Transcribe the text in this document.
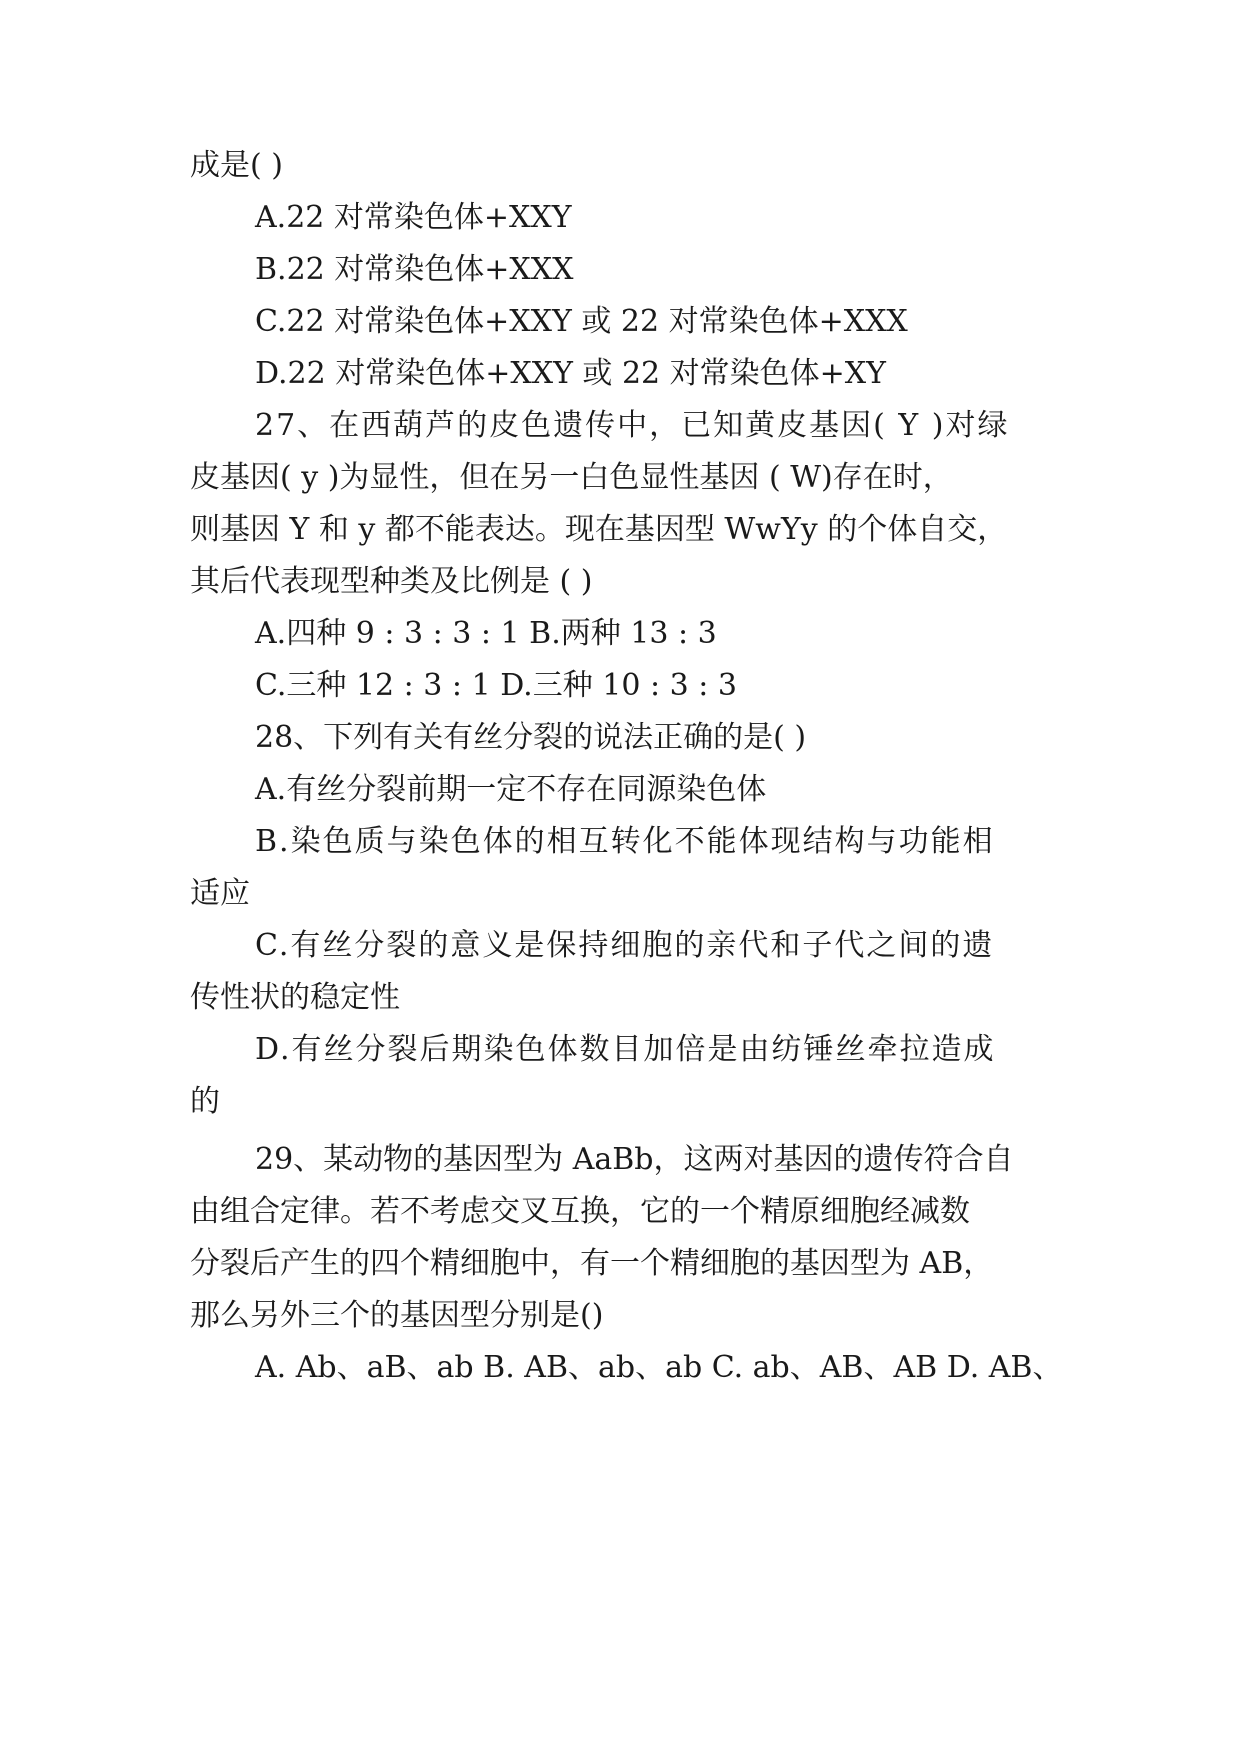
成是( )
A.22 对常染色体+XXY
B.22 对常染色体+XXX
C.22 对常染色体+XXY 或 22 对常染色体+XXX
D.22 对常染色体+XXY 或 22 对常染色体+XY
27、在西葫芦的皮色遗传中，已知黄皮基因( Y )对绿
皮基因( y )为显性，但在另一白色显性基因 ( W)存在时，
则基因 Y 和 y 都不能表达。现在基因型 WwYy 的个体自交，
其后代表现型种类及比例是 ( )
A.四种 9 : 3 : 3 : 1 B.两种 13 : 3
C.三种 12 : 3 : 1 D.三种 10 : 3 : 3
28、下列有关有丝分裂的说法正确的是( )
A.有丝分裂前期一定不存在同源染色体
B.染色质与染色体的相互转化不能体现结构与功能相
适应
C.有丝分裂的意义是保持细胞的亲代和子代之间的遗
传性状的稳定性
D.有丝分裂后期染色体数目加倍是由纺锤丝牵拉造成
的
29、某动物的基因型为 AaBb，这两对基因的遗传符合自
由组合定律。若不考虑交叉互换，它的一个精原细胞经减数
分裂后产生的四个精细胞中，有一个精细胞的基因型为 AB，
那么另外三个的基因型分别是()
A. Ab、aB、ab B. AB、ab、ab C. ab、AB、AB D. AB、
